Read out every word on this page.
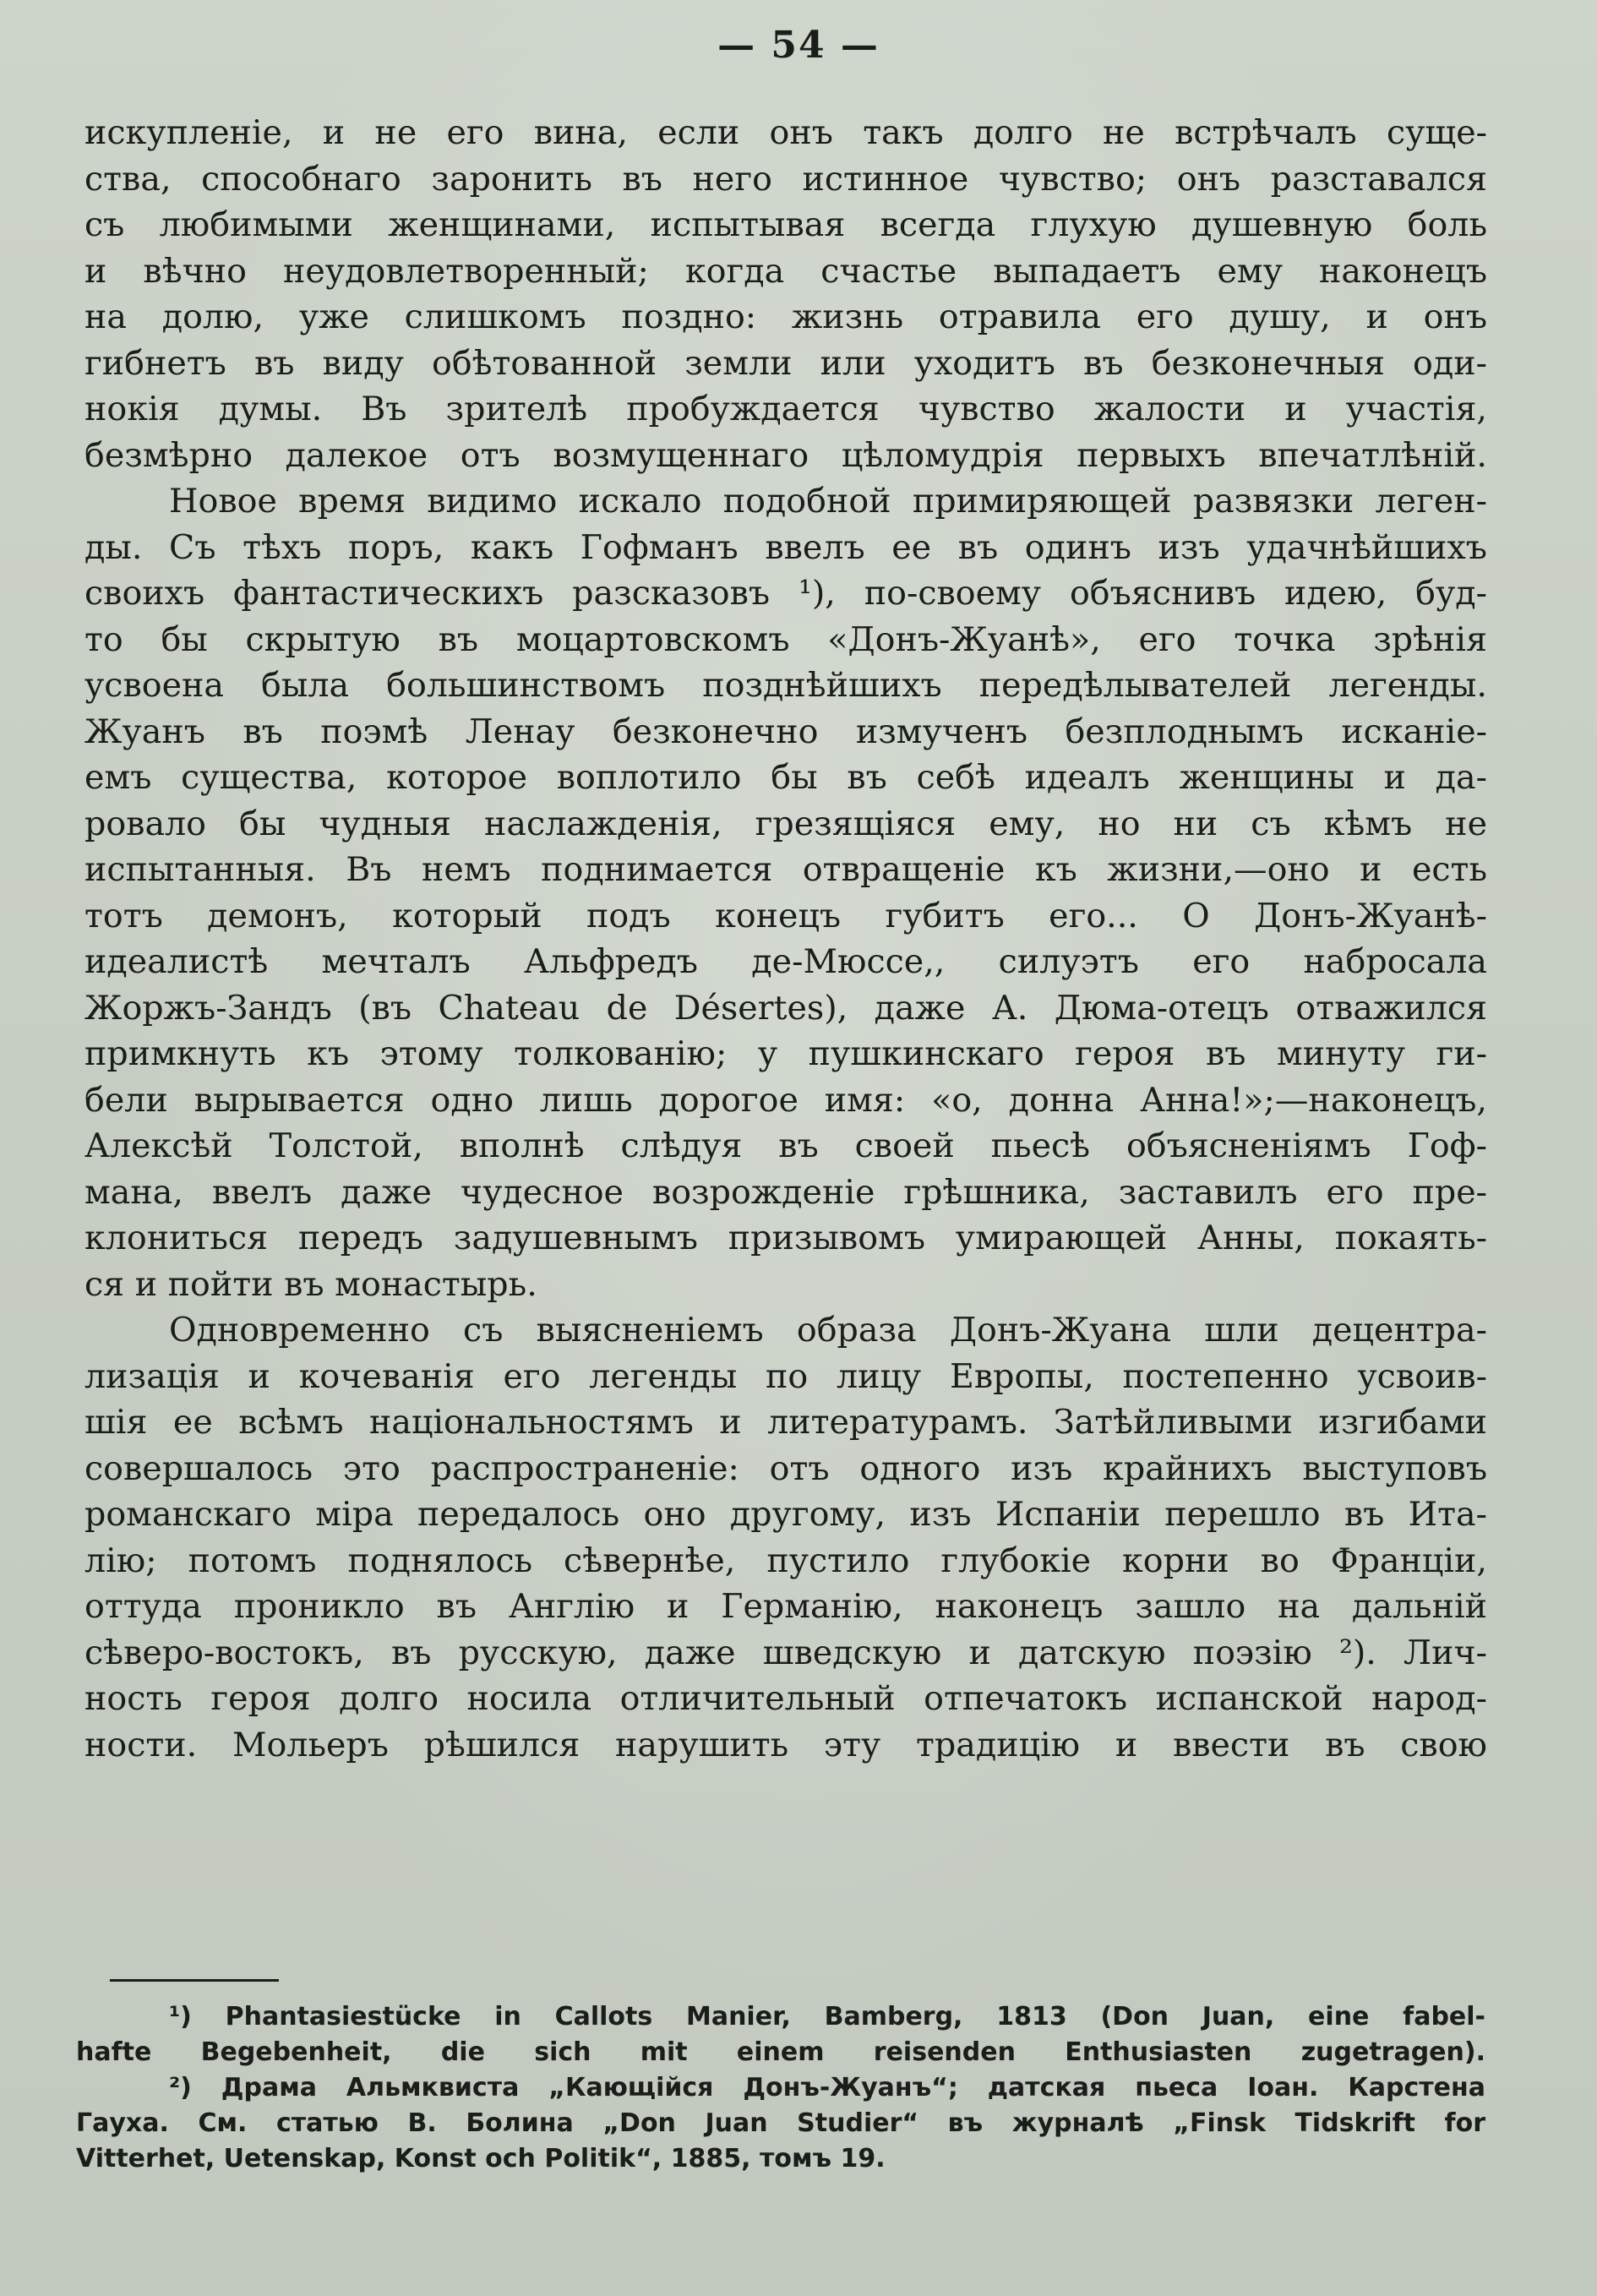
— 54 —
искупленіе, и не его вина, если онъ такъ долго не встрѣчалъ суще-
ства, способнаго заронить въ него истинное чувство; онъ разставался
съ любимыми женщинами, испытывая всегда глухую душевную боль
и вѣчно неудовлетворенный; когда счастье выпадаетъ ему наконецъ
на долю, уже слишкомъ поздно: жизнь отравила его душу, и онъ
гибнетъ въ виду обѣтованной земли или уходитъ въ безконечныя оди-
нокія думы. Въ зрителѣ пробуждается чувство жалости и участія,
безмѣрно далекое отъ возмущеннаго цѣломудрія первыхъ впечатлѣній.
Новое время видимо искало подобной примиряющей развязки леген-
ды. Съ тѣхъ поръ, какъ Гофманъ ввелъ ее въ одинъ изъ удачнѣйшихъ
своихъ фантастическихъ разсказовъ ¹), по-своему объяснивъ идею, буд-
то бы скрытую въ моцартовскомъ «Донъ-Жуанѣ», его точка зрѣнія
усвоена была большинствомъ позднѣйшихъ передѣлывателей легенды.
Жуанъ въ поэмѣ Ленау безконечно измученъ безплоднымъ исканіе-
емъ существа, которое воплотило бы въ себѣ идеалъ женщины и да-
ровало бы чудныя наслажденія, грезящіяся ему, но ни съ кѣмъ не
испытанныя. Въ немъ поднимается отвращеніе къ жизни,—оно и есть
тотъ демонъ, который подъ конецъ губитъ его... О Донъ-Жуанѣ-
идеалистѣ мечталъ Альфредъ де-Мюссе,, силуэтъ его набросала
Жоржъ-Зандъ (въ Chateau de Désertes), даже А. Дюма-отецъ отважился
примкнуть къ этому толкованію; у пушкинскаго героя въ минуту ги-
бели вырывается одно лишь дорогое имя: «о, донна Анна!»;—наконецъ,
Алексѣй Толстой, вполнѣ слѣдуя въ своей пьесѣ объясненіямъ Гоф-
мана, ввелъ даже чудесное возрожденіе грѣшника, заставилъ его пре-
клониться передъ задушевнымъ призывомъ умирающей Анны, покаять-
ся и пойти въ монастырь.
Одновременно съ выясненіемъ образа Донъ-Жуана шли децентра-
лизація и кочеванія его легенды по лицу Европы, постепенно усвоив-
шія ее всѣмъ національностямъ и литературамъ. Затѣйливыми изгибами
совершалось это распространеніе: отъ одного изъ крайнихъ выступовъ
романскаго міра передалось оно другому, изъ Испаніи перешло въ Ита-
лію; потомъ поднялось сѣвернѣе, пустило глубокіе корни во Франціи,
оттуда проникло въ Англію и Германію, наконецъ зашло на дальній
сѣверо-востокъ, въ русскую, даже шведскую и датскую поэзію ²). Лич-
ность героя долго носила отличительный отпечатокъ испанской народ-
ности. Мольеръ рѣшился нарушить эту традицію и ввести въ свою
¹) Phantasiestücke in Callots Manier, Bamberg, 1813 (Don Juan, eine fabel-
hafte Begebenheit, die sich mit einem reisenden Enthusiasten zugetragen).
²) Драма Альмквиста „Кающійся Донъ-Жуанъ“; датская пьеса Іоан. Карстена
Гауха. См. статью В. Болина „Don Juan Studier“ въ журналѣ „Finsk Tidskrift for
Vitterhet, Uetenskap, Konst och Politik“, 1885, томъ 19.
